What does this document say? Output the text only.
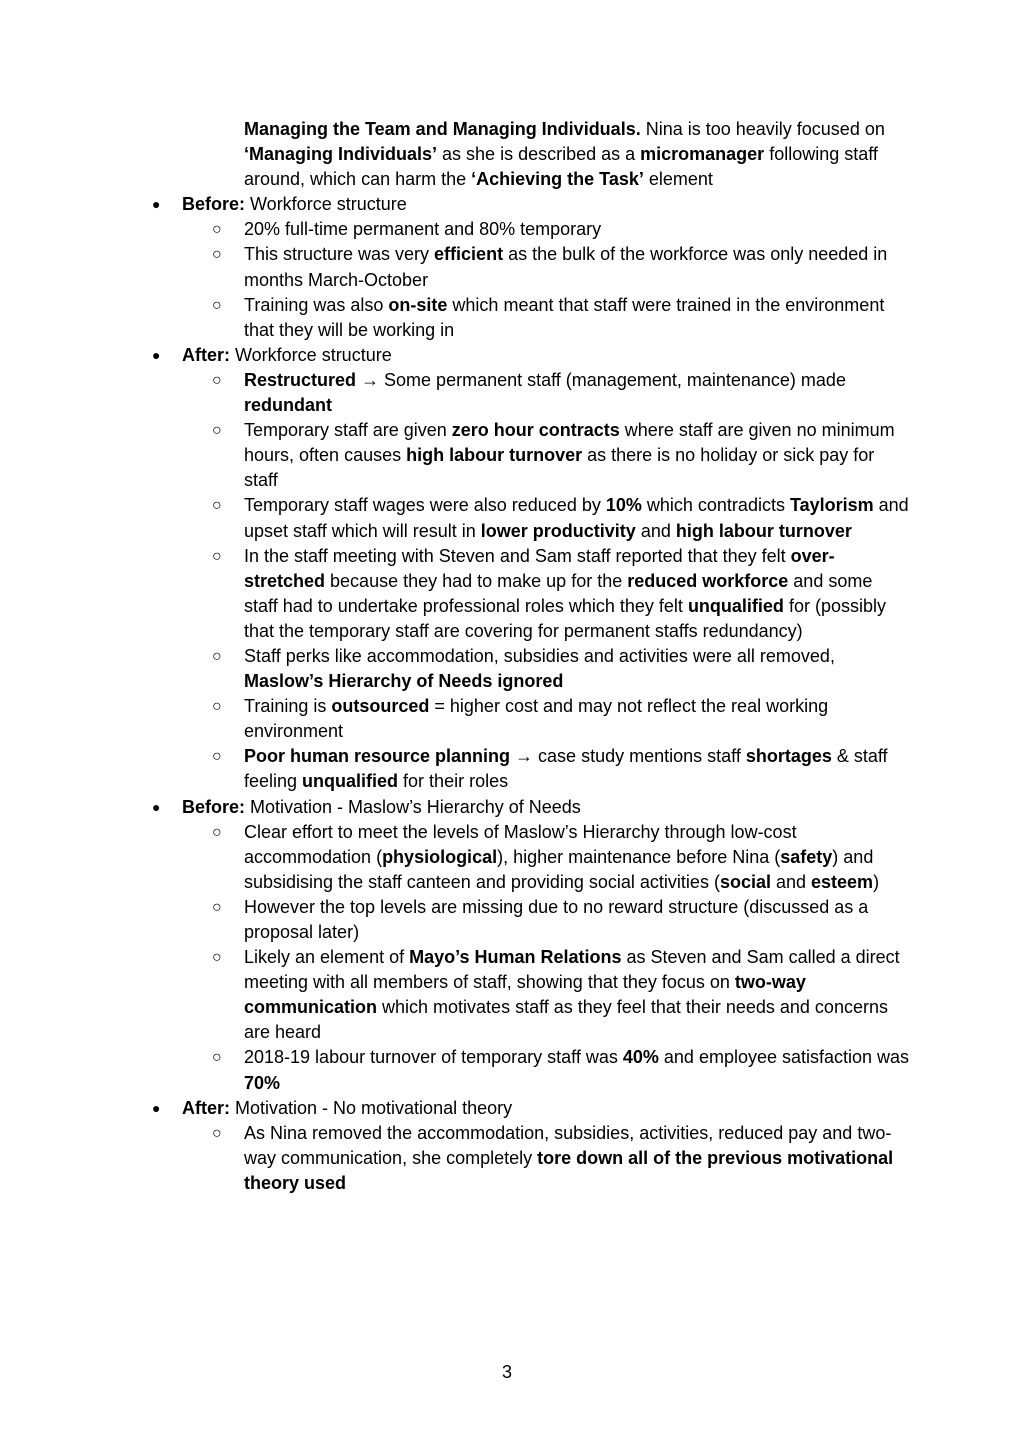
Managing the Team and Managing Individuals. Nina is too heavily focused on ‘Managing Individuals’ as she is described as a micromanager following staff around, which can harm the ‘Achieving the Task’ element
● Before: Workforce structure
○ 20% full-time permanent and 80% temporary
○ This structure was very efficient as the bulk of the workforce was only needed in months March-October
○ Training was also on-site which meant that staff were trained in the environment that they will be working in
● After: Workforce structure
○ Restructured → Some permanent staff (management, maintenance) made redundant
○ Temporary staff are given zero hour contracts where staff are given no minimum hours, often causes high labour turnover as there is no holiday or sick pay for staff
○ Temporary staff wages were also reduced by 10% which contradicts Taylorism and upset staff which will result in lower productivity and high labour turnover
○ In the staff meeting with Steven and Sam staff reported that they felt over-stretched because they had to make up for the reduced workforce and some staff had to undertake professional roles which they felt unqualified for (possibly that the temporary staff are covering for permanent staffs redundancy)
○ Staff perks like accommodation, subsidies and activities were all removed, Maslow’s Hierarchy of Needs ignored
○ Training is outsourced = higher cost and may not reflect the real working environment
○ Poor human resource planning → case study mentions staff shortages & staff feeling unqualified for their roles
● Before: Motivation - Maslow’s Hierarchy of Needs
○ Clear effort to meet the levels of Maslow’s Hierarchy through low-cost accommodation (physiological), higher maintenance before Nina (safety) and subsidising the staff canteen and providing social activities (social and esteem)
○ However the top levels are missing due to no reward structure (discussed as a proposal later)
○ Likely an element of Mayo’s Human Relations as Steven and Sam called a direct meeting with all members of staff, showing that they focus on two-way communication which motivates staff as they feel that their needs and concerns are heard
○ 2018-19 labour turnover of temporary staff was 40% and employee satisfaction was 70%
● After: Motivation - No motivational theory
○ As Nina removed the accommodation, subsidies, activities, reduced pay and two-way communication, she completely tore down all of the previous motivational theory used
3
